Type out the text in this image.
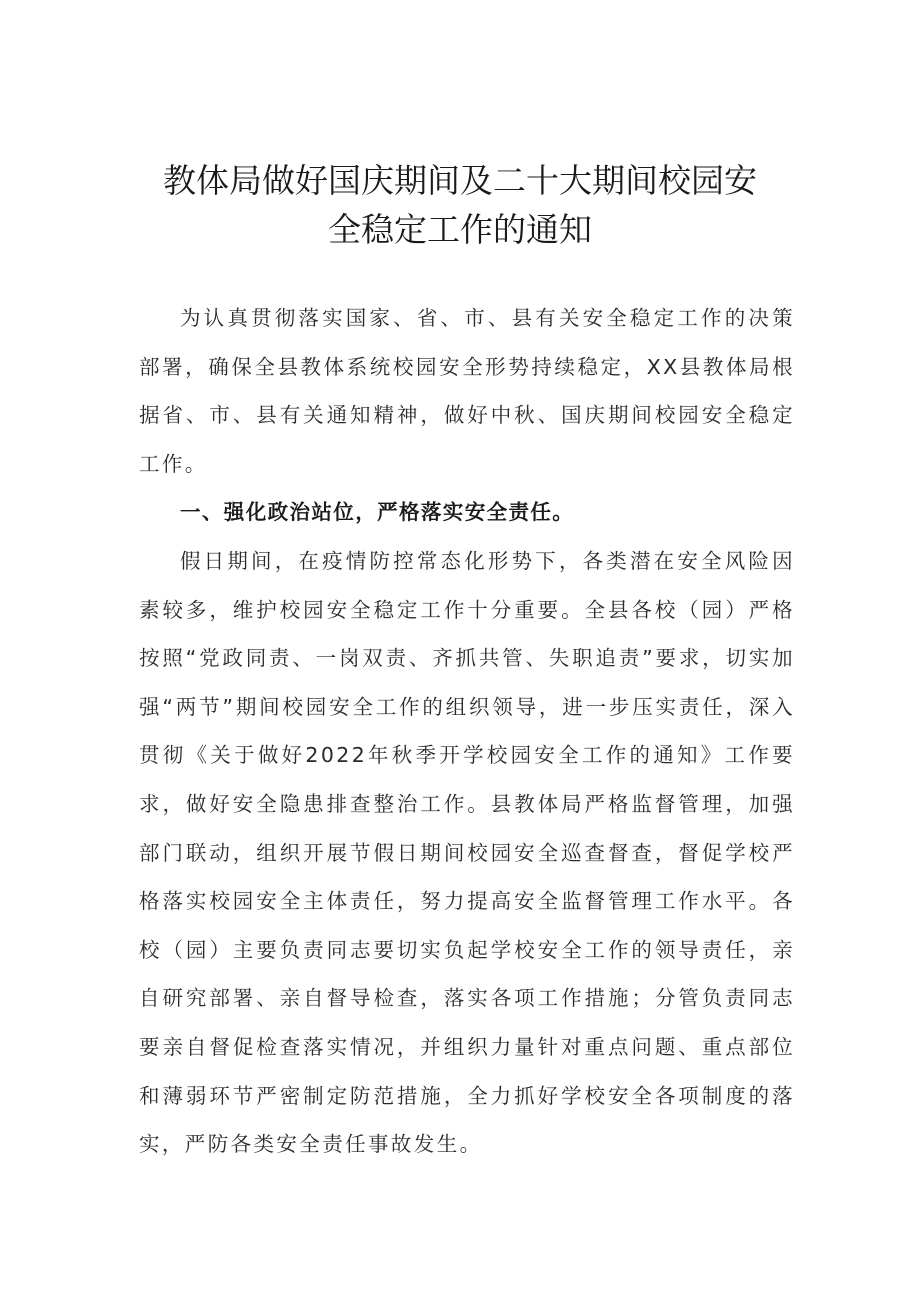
教体局做好国庆期间及二十大期间校园安
全稳定工作的通知

为认真贯彻落实国家、省、市、县有关安全稳定工作的决策部署，确保全县教体系统校园安全形势持续稳定，XX县教体局根据省、市、县有关通知精神，做好中秋、国庆期间校园安全稳定工作。

一、强化政治站位，严格落实安全责任。

假日期间，在疫情防控常态化形势下，各类潜在安全风险因素较多，维护校园安全稳定工作十分重要。全县各校（园）严格按照“党政同责、一岗双责、齐抓共管、失职追责”要求，切实加强“两节”期间校园安全工作的组织领导，进一步压实责任，深入贯彻《关于做好2022年秋季开学校园安全工作的通知》工作要求，做好安全隐患排查整治工作。县教体局严格监督管理，加强部门联动，组织开展节假日期间校园安全巡查督查，督促学校严格落实校园安全主体责任，努力提高安全监督管理工作水平。各校（园）主要负责同志要切实负起学校安全工作的领导责任，亲自研究部署、亲自督导检查，落实各项工作措施；分管负责同志要亲自督促检查落实情况，并组织力量针对重点问题、重点部位和薄弱环节严密制定防范措施，全力抓好学校安全各项制度的落实，严防各类安全责任事故发生。
